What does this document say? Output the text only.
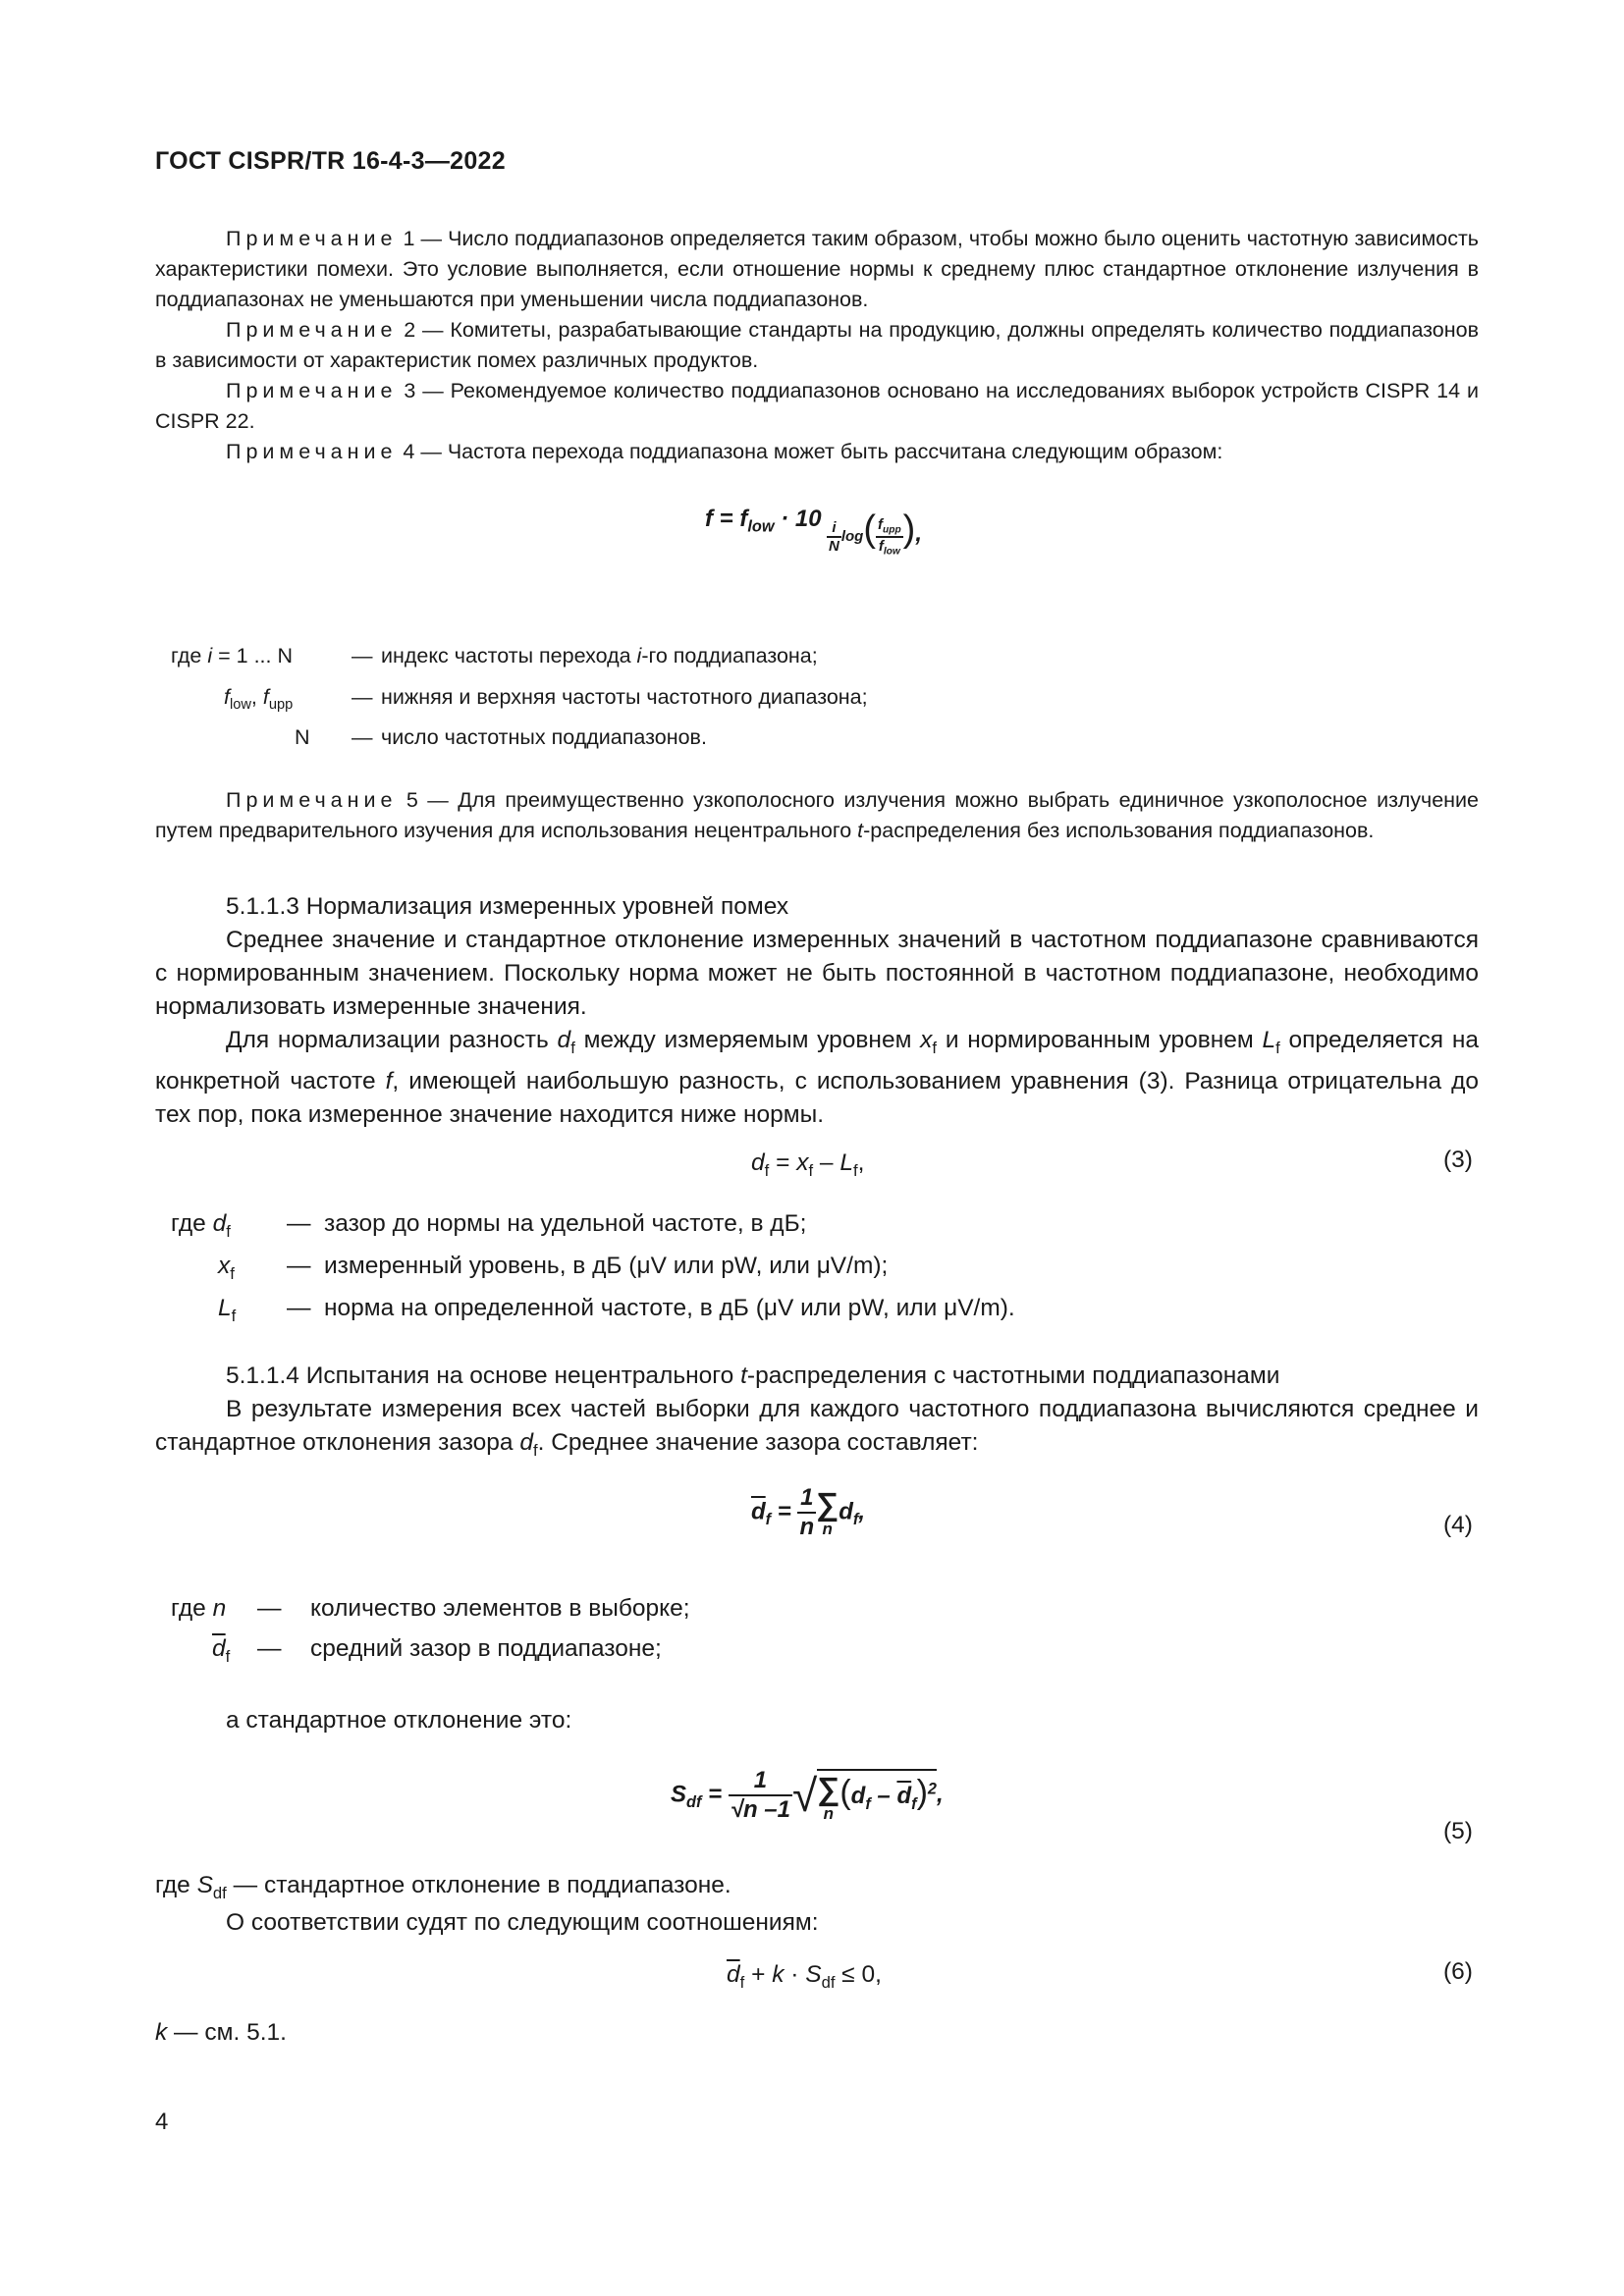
ГОСТ CISPR/TR 16-4-3—2022

Примечание 1 — Число поддиапазонов определяется таким образом, чтобы можно было оценить частотную зависимость характеристики помехи. Это условие выполняется, если отношение нормы к среднему плюс стандартное отклонение излучения в поддиапазонах не уменьшаются при уменьшении числа поддиапазонов.

Примечание 2 — Комитеты, разрабатывающие стандарты на продукцию, должны определять количество поддиапазонов в зависимости от характеристик помех различных продуктов.

Примечание 3 — Рекомендуемое количество поддиапазонов основано на исследованиях выборок устройств CISPR 14 и CISPR 22.

Примечание 4 — Частота перехода поддиапазона может быть рассчитана следующим образом:

$f = f_{low} \cdot 10$
$\frac{i}{N} \log( \frac{f_{upp}}{f_{low}}$ ),
где i = 1 ... N	— индекс частоты перехода i-го поддиапазона;
$f_{low}$, $f_{upp}$	— нижняя и верхняя частоты частотного диапазона;
N — число частотных поддиапазонов.

Примечание 5 — Для преимущественно узкополосного излучения можно выбрать единичное узкополосное излучение путем предварительного изучения для использования нецентрального t-распределения без использования поддиапазонов.

5.1.1.3 Нормализация измеренных уровней помех

Среднее значение и стандартное отклонение измеренных значений в частотном поддиапазоне сравниваются с нормированным значением. Поскольку норма может не быть постоянной в частотном поддиапазоне, необходимо нормализовать измеренные значения.

Для нормализации разность $d_f$ между измеряемым уровнем $x_f$ и нормированным уровнем $L_f$ определяется на конкретной частоте f, имеющей наибольшую разность, с использованием уравнения (3). Разница отрицательна до тех пор, пока измеренное значение находится ниже нормы.

$d_f = x_f - L_f$,	(3)
где $d_f$ — зазор до нормы на удельной частоте, в дБ;
$x_f$ — измеренный уровень, в дБ (μV или pW, или μV/m);
$L_f$ — норма на определенной частоте, в дБ (μV или pW, или μV/m).

5.1.1.4 Испытания на основе нецентрального t-распределения с частотными поддиапазонами

В результате измерения всех частей выборки для каждого частотного поддиапазона вычисляются среднее и стандартное отклонения зазора $d_f$. Среднее значение зазора составляет:

$\overline{d}_f = \frac{1}{n}$ ∑
n
$d_f$,
(4)
где n — количество элементов в выборке;
$\overline{d}_f$ — средний зазор в поддиапазоне;
а стандартное отклонение это:
$S_{df} = \frac{1}{√n -1}$ √ ∑
n
$(d_f - \overline{d}_f)^2$,
(5)
где $S_{df}$ — стандартное отклонение в поддиапазоне.
О соответствии судят по следующим соотношениям:
$\overline{d}_f + k \cdot S_{df} \le 0$,	(6)
k — см. 5.1.
4
